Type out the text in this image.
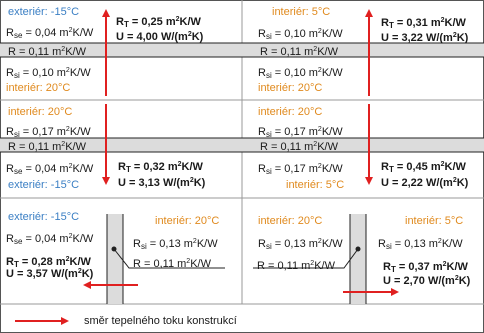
exteriér: -15°C
$R_{se} = 0,04$ $m^2K/W$
R = 0,11 $m^2K/W$
$R_{si} = 0,10$ $m^2K/W$
interiér: 20°C
$R_T = 0,25$ $m^2K/W$
U = 4,00 $W/(m^2K)$
interiér: 5°C
$R_{si} = 0,10$ $m^2K/W$
R = 0,11 $m^2K/W$
$R_{si} = 0,10$ $m^2K/W$
interiér: 20°C
$R_T = 0,31$ $m^2K/W$
U = 3,22 $W/(m^2K)$
interiér: 20°C
$R_{si} = 0,17$ $m^2K/W$
R = 0,11 $m^2K/W$
$R_{se} = 0,04$ $m^2K/W$
exteriér: -15°C
$R_T = 0,32$ $m^2K/W$
U = 3,13 $W/(m^2K)$
interiér: 20°C
$R_{si} = 0,17$ $m^2K/W$
R = 0,11 $m^2K/W$
$R_{si} = 0,17$ $m^2K/W$
interiér: 5°C
$R_T = 0,45$ $m^2K/W$
U = 2,22 $W/(m^2K)$
exteriér: -15°C	interiér: 20°C
$R_{se} = 0,04$ $m^2K/W$	$R_{si} = 0,13$ $m^2K/W$
R = 0,11 $m^2K/W$
$R_T = 0,28$ $m^2K/W$
U = 3,57 $W/(m^2K)$
interiér: 20°C	interiér: 5°C
$R_{si} = 0,13$ $m^2K/W$
R = 0,11 $m^2K/W$
$R_{si} = 0,13$ $m^2K/W$
$R_T = 0,37$ $m^2K/W$
U = 2,70 $W/(m^2K)$
směr tepelného toku konstrukcí
